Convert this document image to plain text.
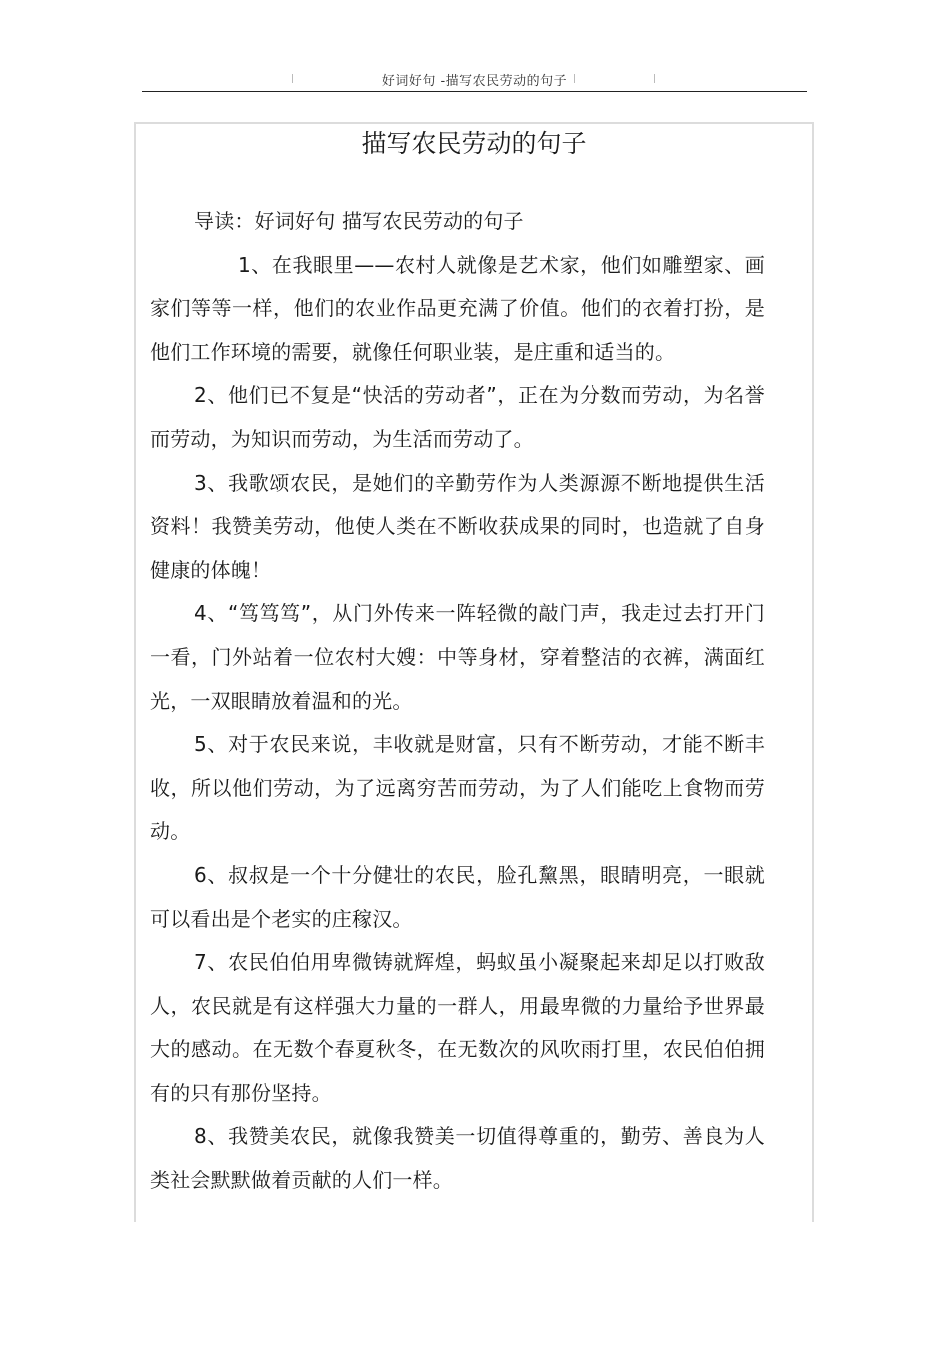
好词好句 -描写农民劳动的句子
描写农民劳动的句子

导读：好词好句 描写农民劳动的句子

1、在我眼里——农村人就像是艺术家，他们如雕塑家、画家们等等一样，他们的农业作品更充满了价值。他们的衣着打扮，是他们工作环境的需要，就像任何职业装，是庄重和适当的。

2、他们已不复是“快活的劳动者”，正在为分数而劳动，为名誉而劳动，为知识而劳动，为生活而劳动了。

3、我歌颂农民，是她们的辛勤劳作为人类源源不断地提供生活资料！我赞美劳动，他使人类在不断收获成果的同时，也造就了自身健康的体魄！

4、“笃笃笃”，从门外传来一阵轻微的敲门声，我走过去打开门一看，门外站着一位农村大嫂：中等身材，穿着整洁的衣裤，满面红光，一双眼睛放着温和的光。

5、对于农民来说，丰收就是财富，只有不断劳动，才能不断丰收，所以他们劳动，为了远离穷苦而劳动，为了人们能吃上食物而劳动。

6、叔叔是一个十分健壮的农民，脸孔黧黑，眼睛明亮，一眼就可以看出是个老实的庄稼汉。

7、农民伯伯用卑微铸就辉煌，蚂蚁虽小凝聚起来却足以打败敌人，农民就是有这样强大力量的一群人，用最卑微的力量给予世界最大的感动。在无数个春夏秋冬，在无数次的风吹雨打里，农民伯伯拥有的只有那份坚持。

8、我赞美农民，就像我赞美一切值得尊重的，勤劳、善良为人类社会默默做着贡献的人们一样。
